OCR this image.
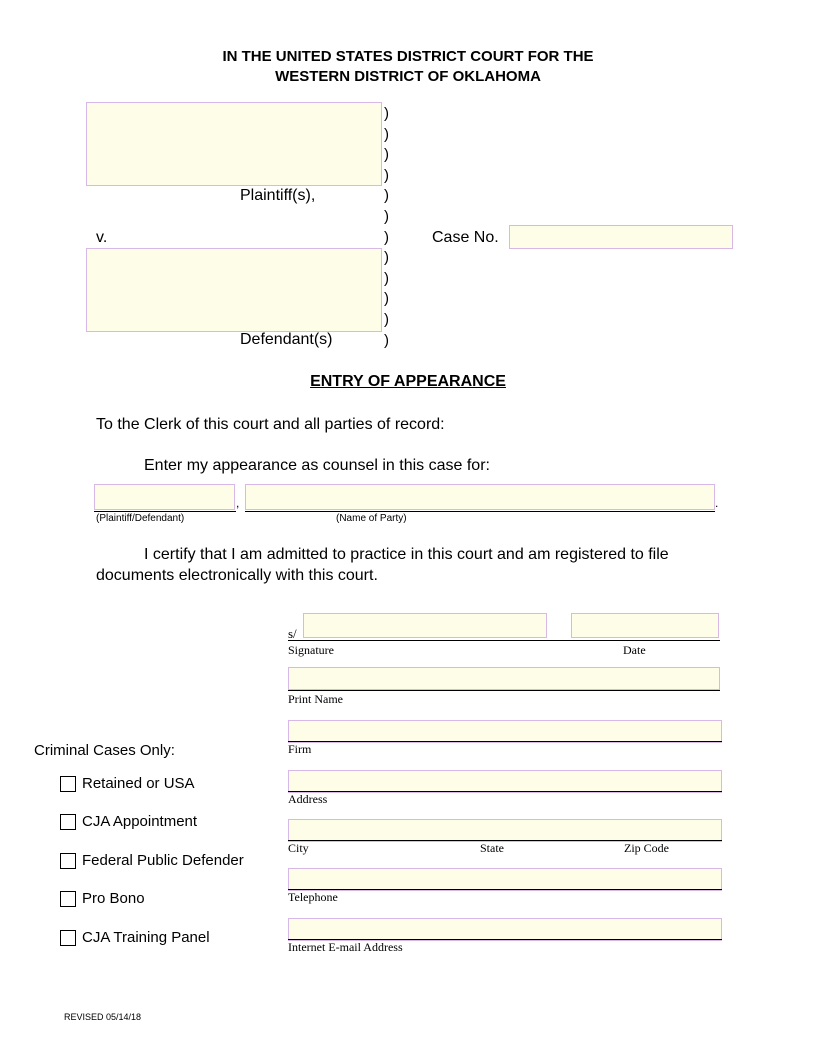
IN THE UNITED STATES DISTRICT COURT FOR THE
WESTERN DISTRICT OF OKLAHOMA
Plaintiff(s),
v.
Defendant(s)
)
)
)
)
)
)
)
)
)
)
)
)
Case No.
ENTRY OF APPEARANCE
To the Clerk of this court and all parties of record:
Enter my appearance as counsel in this case for:
,	.
(Plaintiff/Defendant)	(Name of Party)
I certify that I am admitted to practice in this court and am registered to file
documents electronically with this court.
s/
Signature	Date
Print Name
Firm
Address
City	State	Zip Code
Telephone
Internet E-mail Address
Criminal Cases Only:
Retained or USA
CJA Appointment
Federal Public Defender
Pro Bono
CJA Training Panel
REVISED 05/14/18
